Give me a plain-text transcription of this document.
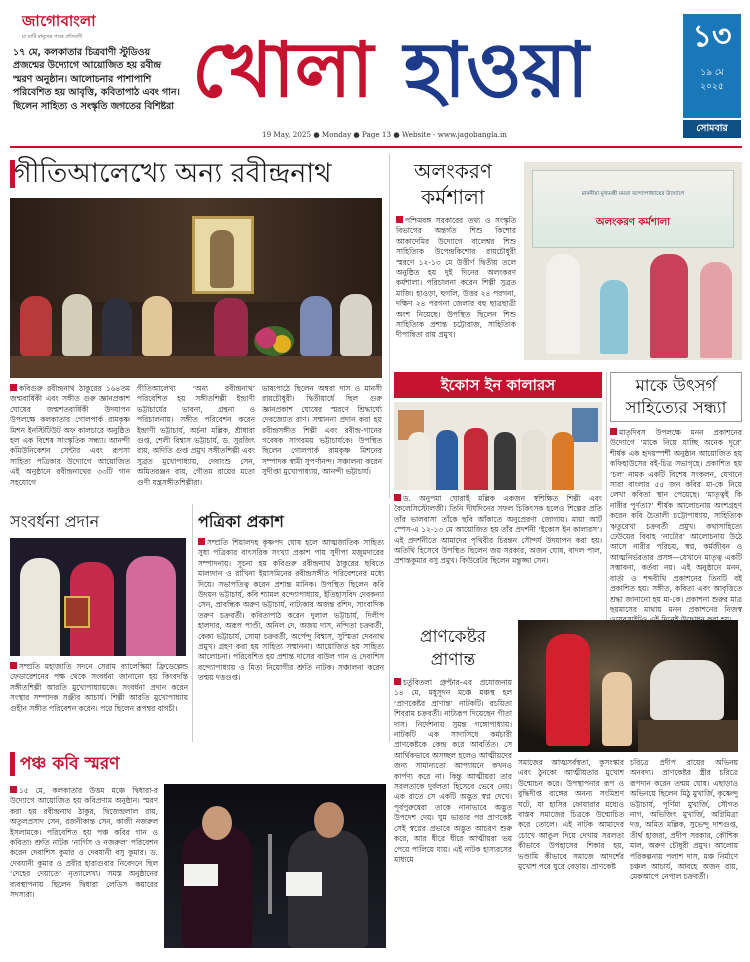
জাগোবাংলা
মা মাটি মানুষের পক্ষে প্রতিবাদী
১৭ মে, কলকাতার চিত্রবাণী স্টুডিওয় প্রজন্মের উদ্যোগে আয়োজিত হয় রবীন্দ্র স্মরণ অনুষ্ঠান। আলোচনার পাশাপাশি পরিবেশিত হয় আবৃত্তি, কবিতাপাঠ এবং গান। ছিলেন সাহিত্য ও সংস্কৃতি জগতের বিশিষ্টরা খোলা হাওয়া
19 May, 2025 ● Monday ● Page 13 ● Website - www.jagobangla.in
১৩
১৯ মে
২০২৫
সোমবার
গীতিআলেখ্যে অন্য রবীন্দ্রনাথ
কবিগুরু রবীন্দ্রনাথ ঠাকুরের ১৬৪তম জন্মবার্ষিকী এবং সঙ্গীত গুরু জ্ঞানপ্রকাশ ঘোষের জন্মশতবার্ষিকী উদযাপন উপলক্ষে কলকাতার গোলপার্ক রামকৃষ্ণ মিশন ইনস্টিটিউট অফ কালচারে অনুষ্ঠিত হল এক বিশেষ সাংস্কৃতিক সন্ধ্যা। আনন্দী কমিউনিকেশন সেন্টার এবং রূপসা সাহিত্য পত্রিকার উদ্যোগে আয়োজিত এই অনুষ্ঠানে রবীন্দ্রনাথের ৩৩টি গান সহযোগে
গীতিআলেখ্য ‘অন্য রবীন্দ্রনাথ’ পরিবেশিত হয় সঙ্গীতশিল্পী ইন্দ্রাণী ভট্টাচার্যের ভাবনা, গ্রন্থনা ও পরিচালনায়। সঙ্গীত পরিবেশন করেন ইন্দ্রাণী ভট্টাচার্য, অর্চনা মল্লিক, শ্রীধারা গুপ্ত, শেলী বিশ্বাস ভট্টাচার্য, ড. সুরজিৎ রায়, অদিতি গুপ্ত প্রমুখ সঙ্গীতশিল্পী এবং সুব্রত মুখোপাধ্যায়, দেবাংশু সেন, অমিতরঞ্জন রায়, গৌতম রায়ের মতো গুণী যন্ত্রসঙ্গীতশিল্পীরা।
ভাষ্যপাঠে ছিলেন অম্বরা দাস ও মানসী রায়চৌধুরী। দ্বিতীয়ার্ধে ছিল গুরু জ্ঞানপ্রকাশ ঘোষের স্মরণে শ্রিদ্ধার্ঘ্যে দেবজ্যোত রাণ। সম্মাননা প্রদান করা হয় রবীন্দ্রসঙ্গীত শিল্পী এবং রবীন্দ্র-গানের গবেষক সাগরময় ভট্টাচার্যকে। উপস্থিত ছিলেন গোলপার্ক রামকৃষ্ণ মিশনের সম্পাদক স্বামী সুপর্ণানন্দ। সঞ্চালনা করেন সুদীপ্তা মুখোপাধ্যায়, আনন্দী ভট্টাচার্য।
অলংকরণ
কর্মশালা
পশ্চিমবঙ্গ সরকারের তথ্য ও সংস্কৃতি বিভাগের অন্তর্গত শিশু কিশোর আকাদেমির উদ্যোগে বালেশ্বর শিশু সাহিত্যিক উপেন্দ্রকিশোর রায়চৌধুরী স্মরণে ১২-১৩ মে উত্তীর্ণ দ্বিতীয় তলে অনুষ্ঠিত হয় দুই দিনের অলংকরণ কর্মশালা। পরিচালনা করেন শিল্পী সুব্রত মাজি। হাওড়া, হুগলি, উত্তর ২৪ পরগনা, দক্ষিণ ২৪ পরগনা জেলার বহু ছাত্রছাত্রী অংশ নিয়েছে। উপস্থিত ছিলেন শিশু সাহিত্যিক প্রশান্ত চট্টোরাজ, সাহিত্যিক দীপান্বিতা রায় প্রমুখ।
মাননীয়া মুখ্যমন্ত্রী মমতা বন্দ্যোপাধ্যায়ের উদ্যোগে
অলংকরণ কর্মশালা
ইকোস ইন কালারস	মাকে উৎসর্গ
সাহিত্যের সন্ধ্যা
মাতৃদিবস উপলক্ষে মনন প্রকাশনের উদ্যোগে ‘মাকে নিয়ে যাচ্ছি অনেক দূরে’ শীর্ষক এক হৃদয়স্পর্শী অনুষ্ঠান আয়োজিত হয় কফিহাউসের বই-চিত্র সভাগৃহে। প্রকাশিত হয় ‘চল’ নামক একটি বিশেষ সংকলন, যেখানে সারা বাংলার ৫৫ জন কবির মা-কে নিয়ে লেখা কবিতা স্থান পেয়েছে। ‘মাতৃত্বই কি নারীর পূর্ণতা?’ শীর্ষক আলোচনায় অংশগ্রহণ করেন কবি চৈতালী চট্টোপাধ্যায়, সাহিত্যিক ঋতুরেখা চক্রবর্তী প্রমুখ। কথাসাহিত্যে ঢেউয়ের বিবাহ ‘নাটোর’ আলোচনায় উঠে আসে নারীর পরিচয়, স্বপ্ন, কর্মজীবন ও আত্মনির্ভরতার প্রসঙ্গ—যেখানে মাতৃত্ব একটি সম্ভাবনা, কর্তব্য নয়। এই অনুষ্ঠানে মনন, বার্তা ও শব্দবীথি প্রকাশনের তিনটি বই প্রকাশিত হয়। সঙ্গীত, কবিতা এবং আবৃত্তিতে শ্রদ্ধা জানানো হয় মা-কে। প্রকাশনা শুরুর মাত্র ছয়মাসের মাথায় মনন প্রকাশনের নিজস্ব
ড. অনুপমা ঘোরাই মল্লিক একজন স্বশিক্ষিত শিল্পী এবং কৈলেসিস্টোলজী। তিনি দীর্ঘদিনের সফল চিকিৎসক হলেও শিল্পের প্রতি তাঁর ভালবাসা তাঁকে ছবি আঁকাতে অনুপ্রেরণা জোগায়। মায়া আর্ট স্পেস-এ ১২-১৩ মে আয়োজিত হয় তাঁর প্রদর্শনী ‘ইকোস ইন কালারস’। এই প্রদর্শনীতে আমাদের পৃথিবীর চিরন্তন সৌন্দর্য উদযাপন করা হয়। অতিথি হিসেবে উপস্থিত ছিলেন জয় সরকার, অজন ঘোষ, বাদল পাল, প্রশান্তকুমার বসু প্রমুখ। কিউরেটর ছিলেন মন্তুজ্জা সেন।
সংবর্ধনা প্রদান
সম্প্রতি মহাজাতি সদনে সেরাম ব্যালেস্কিয়া ফ্রিডেল্পেন্ড ফেডারেশনের পক্ষ থেকে সংবর্ধনা জানানো হয় কিংবদন্তি সঙ্গীতশিল্পী আরতি মুখোপাধ্যায়কে। সংবর্ধনা প্রদান করেন সংস্থার সম্পাদক সঞ্জীব আচার্য। শিল্পী আরতি মুখোপাধ্যায় গুহীন সঙ্গীত পরিবেশন করেন। পরে ছিলেন রূপম্বর বাগচী।
পত্রিকা প্রকাশ
সম্প্রতি শিয়ালদহ কৃষ্ণপদ ঘোষ হলে আত্মজাতিক সাহিত্য সুধা পত্রিকার বাৎসরিক সংখ্যা প্রকাশ পায় সুদীপা মজুমদারের সম্পাদনায়। সূচনা হয় কবিগুরু রবীন্দ্রনাথ ঠাকুরের ছবিতে মাল্যদান ও রাখিনা ইয়াসমিনের রবীন্দ্রসঙ্গীত পরিবেশনের মধ্যে দিয়ে। সভাপতিত্ব করেন প্রশান্ত মানিক। উপস্থিত ছিলেন কবি উদয়ন ভট্টাচার্য, কবি শ্যামল বন্দ্যোপাধ্যায়, ইতিহাসবিদ দেবকন্যা সেন, প্রাবন্ধিক অরুণ ভট্টাচার্য, নাট্যকার অজন্ত রশিদ, সাংবাদিক তরুণ চক্রবর্তী। কবিতাপাঠ করেন দুলাল ভট্টাচার্য, দিলীপ হালদার, অরূপ পাণ্ডী, অনিল দে, অজয় দাস, নন্দিতা চক্রবর্তী, কেকা ভট্টাচার্য, সোমা চক্রবর্তী, অর্পেন্দু বিশ্বাস, সুস্মিতা দেবনাথ প্রমুখ। গ্রহণ করা হয় সাহিত্য সম্মাননা। আয়োজিত হয় সাহিত্য আলোচনা। পরিবেশিত হয় প্রশান্ত দাসের বাউল গান ও দেবাশিস বন্দ্যোপাধ্যায় ও মিতা নিয়োগীর শ্রুতি নাটক। সঞ্চালনা করেন তন্ময় দত্তগুপ্ত।
প্রাণকেষ্টর
প্রাণান্ত
চর্তুবিতলা গ্রুপ্টার-এর প্রযোজনায় ১৪ মে, মধুসূদন মঞ্চে মঞ্চস্থ হল ‘প্রাণকেষ্টর প্রাণান্ত’ নাটকটি। রচয়িতা শিবরাম চক্রবর্তী। নাট্যরূপ দিয়েছেন গীতা দাস। নির্দেশনায় সুমন্ত গঙ্গোপাধ্যায়। নাটকটি এক সাদাসিধে কর্মচারী প্রাণকেষ্টকে কেন্দ্র করে আবর্তিত। সে আর্থিকভাবে অসচ্ছল হলেও আত্মীয়দের জন্য সামান্যতো আপ্যায়নে কখনও কার্পণ্য করে না। কিন্তু আত্মীয়রা তার সরলতাকে দুর্বলতা হিসেবে ভেবে নেয়। এক রাতে সে একটি অদ্ভুত স্বপ্ন দেখে। পূর্বপুরুষেরা তাকে নানাভাবে অদ্ভুত উপদেশ দেয়। ঘুম ভাঙার পর প্রাণকেষ্ট সেই স্বপ্নের প্রভাবে অদ্ভুত আচরণ শুরু করে, আর ধীরে ধীরে আত্মীয়রা ভয় পেয়ে পালিয়ে যায়। এই নাটক হাস্যরসের মাধ্যমে
সমাজের আত্মসর্বস্বতা, কুসংস্কার এবং ঠুনকো আত্মীয়তার মুখোশ উন্মোচন করে। উপস্থাপনার রূপ ও বুদ্ধিদীপ্ত ব্যঙ্গের অনন্য সংমিশ্রণ ঘটে, যা হাসির ফোয়ারার মধ্যেও বাস্তব সমাজের চিত্রকে উন্মোচিত করে তোলে। এই নাটক আমাদের চোখে আঙুল দিয়ে দেখায় সরলতা কীভাবে উপহাসের শিকার হয়, ভণ্ডামি কীভাবে সমাজে আদর্শের মুখোশ পরে ঘুরে বেড়ায়। প্রাণকেষ্ট
চরিত্রে প্রদীপ রায়ের অভিনয় অনবদ্য। প্রাণকেষ্টর স্ত্রীর চরিত্রে রূপদান করেন তন্ময় ঘোষ। এছাড়াও অভিনয়ে ছিলেন মিঠু মুখার্জি, কৃষ্ণেন্দু ভট্টাচার্য, পূর্ণিমা মুখার্জি, সৌগত নাগ, অভিজিৎ মুখার্জি, অগ্নিমিত্রা দত্ত, অমিত মল্লিক, সুভেন্দু দাশগুপ্ত, তীর্থ হাজরা, প্রদীপ সরকার, কৌশিক মাল, অরুণ চৌধুরী প্রমুখ। আলোয় পরিকল্পনায় পলাশ দাস, মঞ্চ নির্মাণে চঞ্চল আচার্য, আবহে অজন রায়, মেকআপে নেপাল চক্রবর্তী।
পঞ্চ কবি স্মরণ
১৫ মে, কলকাতার উত্তম মঞ্চে দ্বিধারা-র উদ্যোগে আয়োজিত হয় কবিপ্রণাম অনুষ্ঠান। স্মরণ করা হয় রবীন্দ্রনাথ ঠাকুর, দ্বিজেন্দ্রলাল রায়, অতুলপ্রসাদ সেন, রজনীকান্ত সেন, কাজী নজরুল ইসলামকে। পরিবেশিত হয় পঞ্চ কবির গান ও কবিতা। শ্রুতি নাটক ‘নার্গিস ও নজরুল’ পরিবেশন করেন দেবাশিস কুমার ও দেবযানী বসু কুমার। ড. দেবযানী কুমার ও প্রবীর হারাগুবার নিবেদনে ছিল ‘দেহের দেয়াতে’ নৃত্যালেখ্য। সমস্ত অনুষ্ঠানের ব্যবস্থাপনায় ছিলেন দ্বিধারা লেডিস কয়ারের সদস্যরা।
